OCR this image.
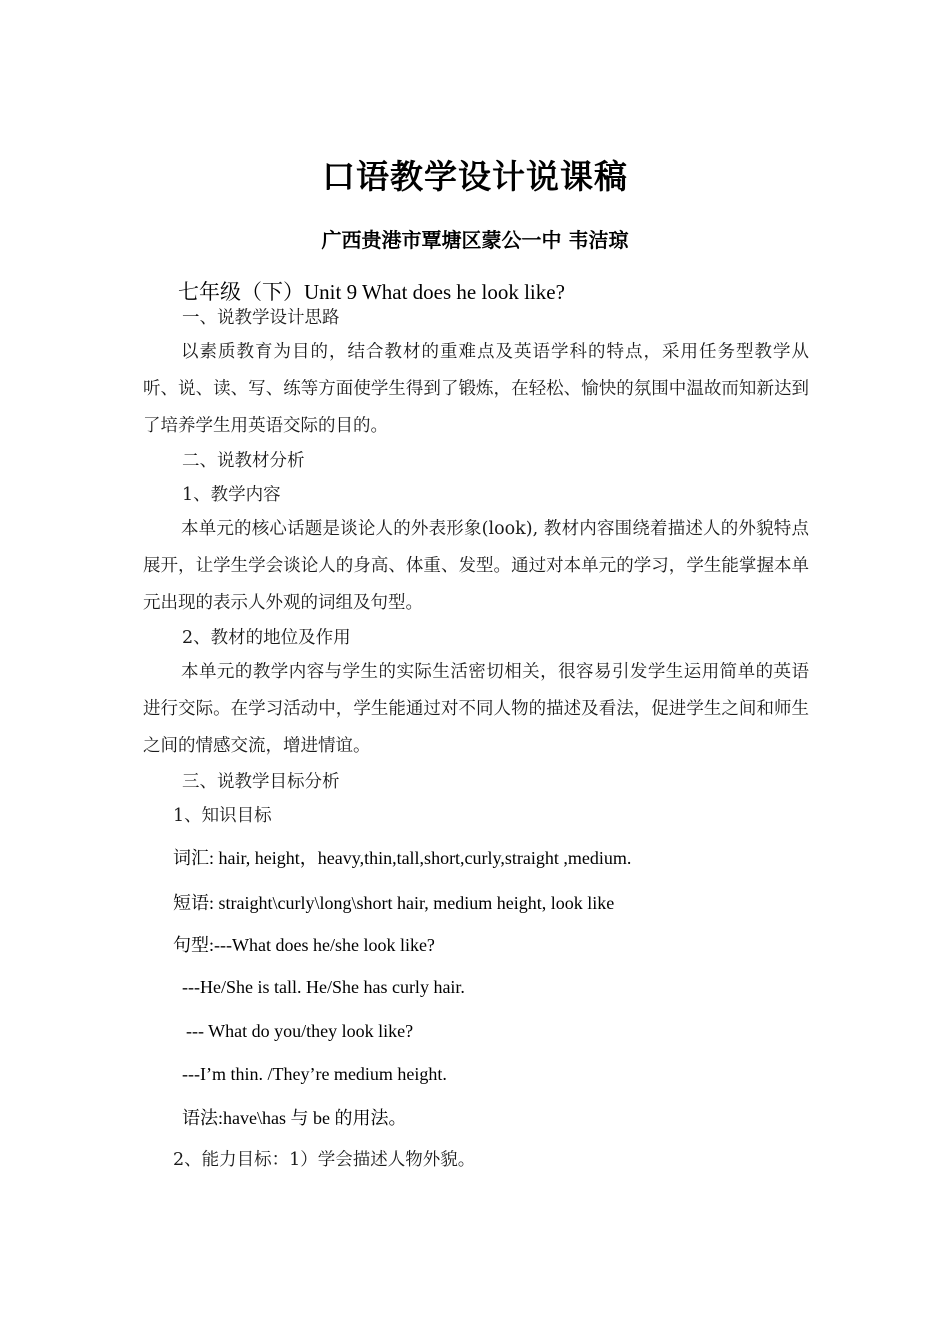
口语教学设计说课稿
广西贵港市覃塘区蒙公一中 韦洁琼
七年级（下）Unit 9 What does he look like?
一、说教学设计思路
以素质教育为目的，结合教材的重难点及英语学科的特点，采用任务型教学从听、说、读、写、练等方面使学生得到了锻炼，在轻松、愉快的氛围中温故而知新达到了培养学生用英语交际的目的。
二、说教材分析
1、教学内容
本单元的核心话题是谈论人的外表形象(look), 教材内容围绕着描述人的外貌特点展开，让学生学会谈论人的身高、体重、发型。通过对本单元的学习，学生能掌握本单元出现的表示人外观的词组及句型。
2、教材的地位及作用
本单元的教学内容与学生的实际生活密切相关，很容易引发学生运用简单的英语进行交际。在学习活动中，学生能通过对不同人物的描述及看法，促进学生之间和师生之间的情感交流，增进情谊。
三、说教学目标分析
1、知识目标
词汇: hair, height，heavy,thin,tall,short,curly,straight ,medium.
短语: straight\curly\long\short hair, medium height, look like
句型:---What does he/she look like?
---He/She is tall. He/She has curly hair.
--- What do you/they look like?
---I’m thin. /They’re medium height.
语法:have\has 与 be 的用法。
2、能力目标：1）学会描述人物外貌。
